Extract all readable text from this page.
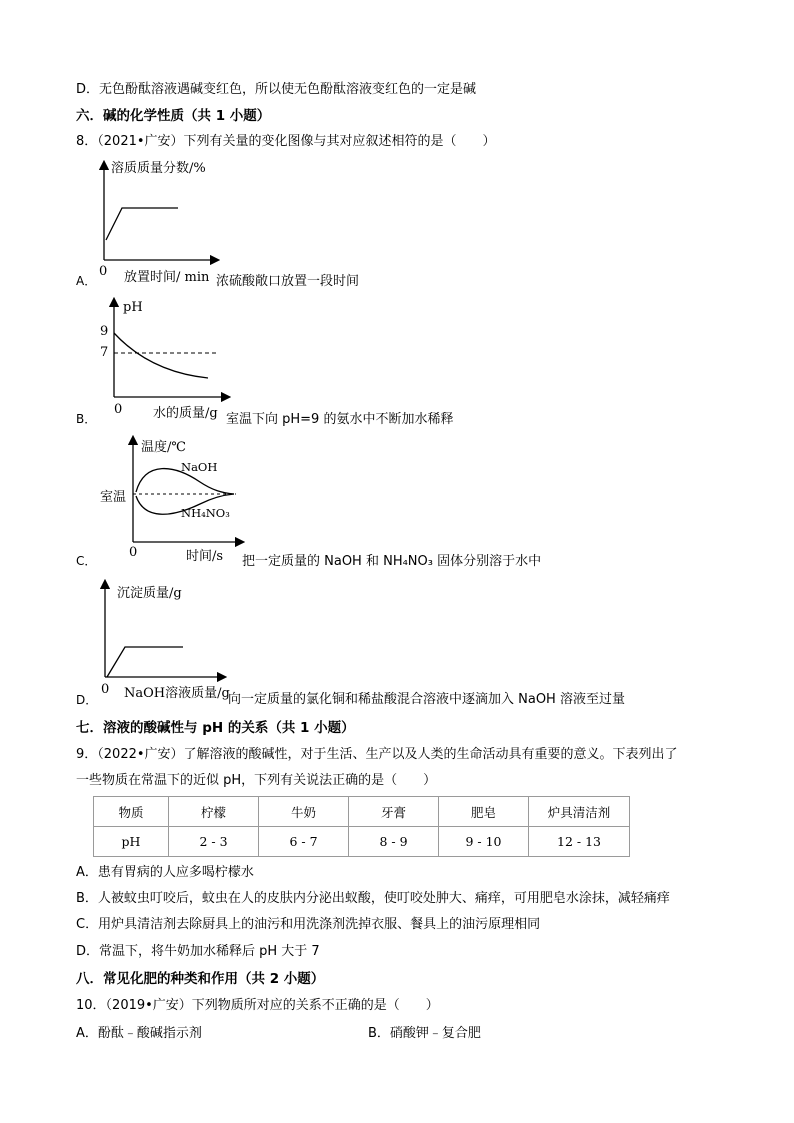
D．无色酚酞溶液遇碱变红色，所以使无色酚酞溶液变红色的一定是碱
六．碱的化学性质（共 1 小题）
8．（2021•广安）下列有关量的变化图像与其对应叙述相符的是（　　）
溶质质量分数/%
0 放置时间/ min
A．	浓硫酸敞口放置一段时间
pH
9
7
0 水的质量/g
B．	室温下向 pH=9 的氨水中不断加水稀释
温度/℃
NaOH
室温
NH₄NO₃
0	时间/s
C．	把一定质量的 NaOH 和 NH₄NO₃ 固体分别溶于水中
沉淀质量/g
0 NaOH溶液质量/g
D．	向一定质量的氯化铜和稀盐酸混合溶液中逐滴加入 NaOH 溶液至过量
七．溶液的酸碱性与 pH 的关系（共 1 小题）
9．（2022•广安）了解溶液的酸碱性，对于生活、生产以及人类的生命活动具有重要的意义。下表列出了
一些物质在常温下的近似 pH，下列有关说法正确的是（　　）
物质	柠檬	牛奶	牙膏	肥皂	炉具清洁剂
pH	2 - 3	6 - 7	8 - 9	9 - 10	12 - 13
A．患有胃病的人应多喝柠檬水
B．人被蚊虫叮咬后，蚊虫在人的皮肤内分泌出蚁酸，使叮咬处肿大、痛痒，可用肥皂水涂抹，减轻痛痒
C．用炉具清洁剂去除厨具上的油污和用洗涤剂洗掉衣服、餐具上的油污原理相同
D．常温下，将牛奶加水稀释后 pH 大于 7
八．常见化肥的种类和作用（共 2 小题）
10．（2019•广安）下列物质所对应的关系不正确的是（　　）
A．酚酞﹣酸碱指示剂	B．硝酸钾﹣复合肥
